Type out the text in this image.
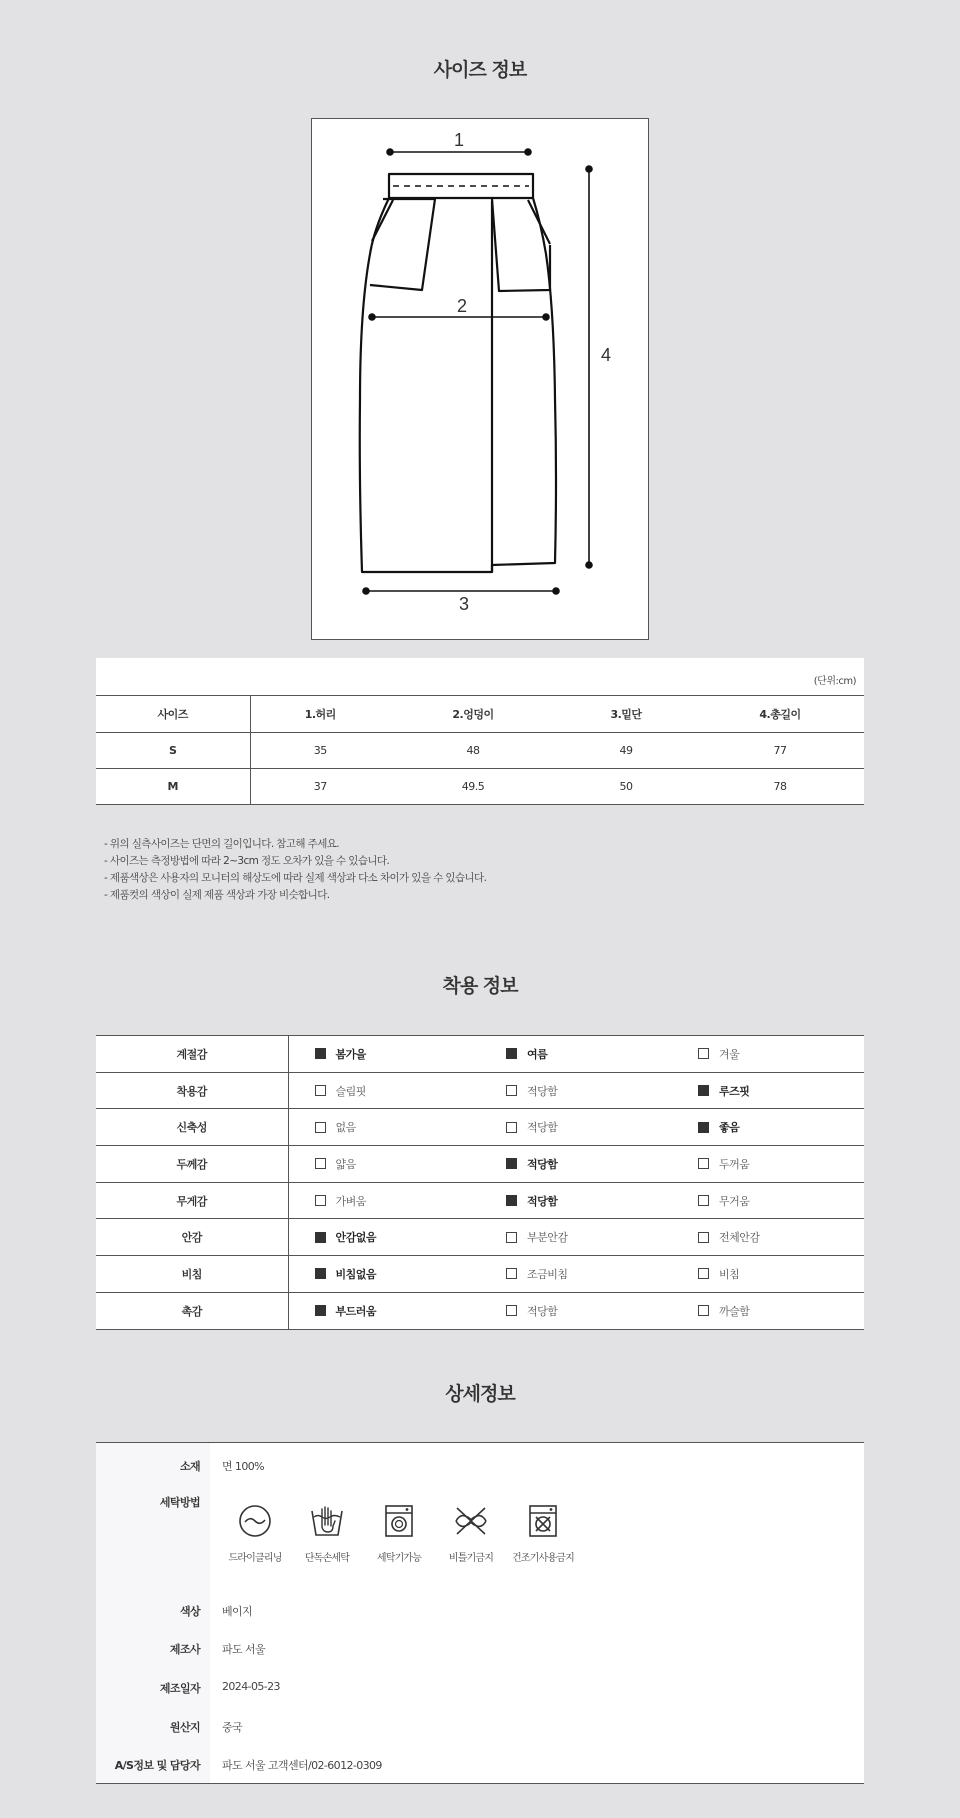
사이즈 정보
1
2
3
4
(단위:cm)
사이즈	1.허리	2.엉덩이	3.밑단	4.총길이
S	35	48	49	77
M	37	49.5	50	78
- 위의 실측사이즈는 단면의 길이입니다. 참고해 주세요.
- 사이즈는 측정방법에 따라 2~3cm 정도 오차가 있을 수 있습니다.
- 제품색상은 사용자의 모니터의 해상도에 따라 실제 색상과 다소 차이가 있을 수 있습니다.
- 제품컷의 색상이 실제 제품 색상과 가장 비슷합니다.
착용 정보
계절감	봄가을	여름	겨울

착용감	슬림핏	적당함	루즈핏

신축성	없음	적당함	좋음

두께감	얇음	적당함	두꺼움

무게감	가벼움	적당함	무거움

안감	안감없음	부분안감	전체안감

비침	비침없음	조금비침	비침

촉감	부드러움	적당함	까슬함
상세정보
소재 면 100%
세탁방법
드라이클리닝	단독손세탁	세탁기가능	비틀기금지	건조기사용금지
색상 베이지
제조사 파도 서울
제조일자 2024-05-23
원산지 중국
A/S정보 및 담당자 파도 서울 고객센터/02-6012-0309
